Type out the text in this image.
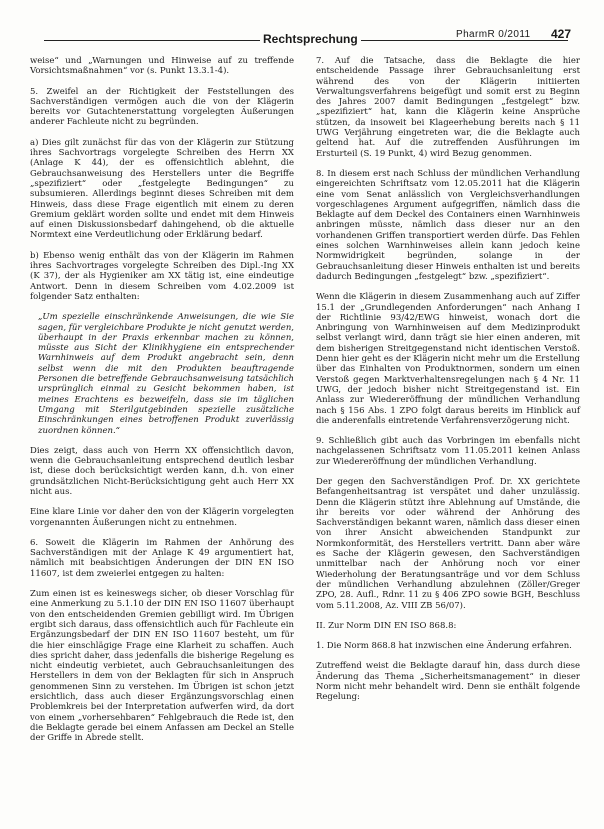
Rechtsprechung	PharmR 0/2011 427

weise“ und „Warnungen und Hinweise auf zu treffende Vorsichtsmaßnahmen“ vor (s. Punkt 13.3.1-4).

5. Zweifel an der Richtigkeit der Feststellungen des Sachverständigen vermögen auch die von der Klägerin bereits vor Gutachtenerstattung vorgelegten Äußerungen anderer Fachleute nicht zu begründen.

a) Dies gilt zunächst für das von der Klägerin zur Stützung ihres Sachvortrags vorgelegte Schreiben des Herrn XX (Anlage K 44), der es offensichtlich ablehnt, die Gebrauchsanweisung des Herstellers unter die Begriffe „spezifiziert“ oder „festgelegte Bedingungen“ zu subsumieren. Allerdings beginnt dieses Schreiben mit dem Hinweis, dass diese Frage eigentlich mit einem zu deren Gremium geklärt worden sollte und endet mit dem Hinweis auf einen Diskussionsbedarf dahingehend, ob die aktuelle Normtext eine Verdeutlichung oder Erklärung bedarf.

b) Ebenso wenig enthält das von der Klägerin im Rahmen ihres Sachvortrages vorgelegte Schreiben des Dipl.-Ing XX (K 37), der als Hygieniker am XX tätig ist, eine eindeutige Antwort. Denn in diesem Schreiben vom 4.02.2009 ist folgender Satz enthalten:

„Um spezielle einschränkende Anweisungen, die wie Sie sagen, für vergleichbare Produkte je nicht genutzt werden, überhaupt in der Praxis erkennbar machen zu können, müsste aus Sicht der Klinikhygiene ein entsprechender Warnhinweis auf dem Produkt angebracht sein, denn selbst wenn die mit den Produkten beauftragende Personen die betreffende Gebrauchsanweisung tatsächlich ursprünglich einmal zu Gesicht bekommen haben, ist meines Erachtens es bezweifeln, dass sie im täglichen Umgang mit Sterilgutgebinden spezielle zusätzliche Einschränkungen eines betroffenen Produkt zuverlässig zuordnen können.“

Dies zeigt, dass auch von Herrn XX offensichtlich davon, wenn die Gebrauchsanleitung entsprechend deutlich lesbar ist, diese doch berücksichtigt werden kann, d.h. von einer grundsätzlichen Nicht-Berücksichtigung geht auch Herr XX nicht aus.

Eine klare Linie vor daher den von der Klägerin vorgelegten vorgenannten Äußerungen nicht zu entnehmen.

6. Soweit die Klägerin im Rahmen der Anhörung des Sachverständigen mit der Anlage K 49 argumentiert hat, nämlich mit beabsichtigen Änderungen der DIN EN ISO 11607, ist dem zweierlei entgegen zu halten:

Zum einen ist es keineswegs sicher, ob dieser Vorschlag für eine Anmerkung zu 5.1.10 der DIN EN ISO 11607 überhaupt von den entscheidenden Gremien gebilligt wird. Im Übrigen ergibt sich daraus, dass offensichtlich auch für Fachleute ein Ergänzungsbedarf der DIN EN ISO 11607 besteht, um für die hier einschlägige Frage eine Klarheit zu schaffen. Auch dies spricht daher, dass jedenfalls die bisherige Regelung es nicht eindeutig verbietet, auch Gebrauchsanleitungen des Herstellers in dem von der Beklagten für sich in Anspruch genommenen Sinn zu verstehen. Im Übrigen ist schon jetzt ersichtlich, dass auch dieser Ergänzungsvorschlag einen Problemkreis bei der Interpretation aufwerfen wird, da dort von einem „vorhersehbaren“ Fehlgebrauch die Rede ist, den die Beklagte gerade bei einem Anfassen am Deckel an Stelle der Griffe in Abrede stellt.

7. Auf die Tatsache, dass die Beklagte die hier entscheidende Passage ihrer Gebrauchsanleitung erst während des von der Klägerin initiierten Verwaltungsverfahrens beigefügt und somit erst zu Beginn des Jahres 2007 damit Bedingungen „festgelegt“ bzw. „spezifiziert“ hat, kann die Klägerin keine Ansprüche stützen, da insoweit bei Klageerhebung bereits nach § 11 UWG Verjährung eingetreten war, die die Beklagte auch geltend hat. Auf die zutreffenden Ausführungen im Ersturteil (S. 19 Punkt, 4) wird Bezug genommen.

8. In diesem erst nach Schluss der mündlichen Verhandlung eingereichten Schriftsatz vom 12.05.2011 hat die Klägerin eine vom Senat anlässlich von Vergleichsverhandlungen vorgeschlagenes Argument aufgegriffen, nämlich dass die Beklagte auf dem Deckel des Containers einen Warnhinweis anbringen müsste, nämlich dass dieser nur an den vorhandenen Griffen transportiert werden dürfe. Das Fehlen eines solchen Warnhinweises allein kann jedoch keine Normwidrigkeit begründen, solange in der Gebrauchsanleitung dieser Hinweis enthalten ist und bereits dadurch Bedingungen „festgelegt“ bzw. „spezifiziert“.

Wenn die Klägerin in diesem Zusammenhang auch auf Ziffer 15.1 der „Grundlegenden Anforderungen“ nach Anhang I der Richtlinie 93/42/EWG hinweist, wonach dort die Anbringung von Warnhinweisen auf dem Medizinprodukt selbst verlangt wird, dann trägt sie hier einen anderen, mit dem bisherigen Streitgegenstand nicht identischen Verstoß. Denn hier geht es der Klägerin nicht mehr um die Erstellung über das Einhalten von Produktnormen, sondern um einen Verstoß gegen Marktverhaltensregelungen nach § 4 Nr. 11 UWG, der jedoch bisher nicht Streitgegenstand ist. Ein Anlass zur Wiedereröffnung der mündlichen Verhandlung nach § 156 Abs. 1 ZPO folgt daraus bereits im Hinblick auf die anderenfalls eintretende Verfahrensverzögerung nicht.

9. Schließlich gibt auch das Vorbringen im ebenfalls nicht nachgelassenen Schriftsatz vom 11.05.2011 keinen Anlass zur Wiedereröffnung der mündlichen Verhandlung.

Der gegen den Sachverständigen Prof. Dr. XX gerichtete Befangenheitsantrag ist verspätet und daher unzulässig. Denn die Klägerin stützt ihre Ablehnung auf Umstände, die ihr bereits vor oder während der Anhörung des Sachverständigen bekannt waren, nämlich dass dieser einen von ihrer Ansicht abweichenden Standpunkt zur Normkonformität, des Herstellers vertritt. Dann aber wäre es Sache der Klägerin gewesen, den Sachverständigen unmittelbar nach der Anhörung noch vor einer Wiederholung der Beratungsanträge und vor dem Schluss der mündlichen Verhandlung abzulehnen (Zöller/Greger ZPO, 28. Aufl., Rdnr. 11 zu § 406 ZPO sowie BGH, Beschluss vom 5.11.2008, Az. VIII ZB 56/07).

II. Zur Norm DIN EN ISO 868.8:

1. Die Norm 868.8 hat inzwischen eine Änderung erfahren.

Zutreffend weist die Beklagte darauf hin, dass durch diese Änderung das Thema „Sicherheitsmanagement“ in dieser Norm nicht mehr behandelt wird. Denn sie enthält folgende Regelung:
